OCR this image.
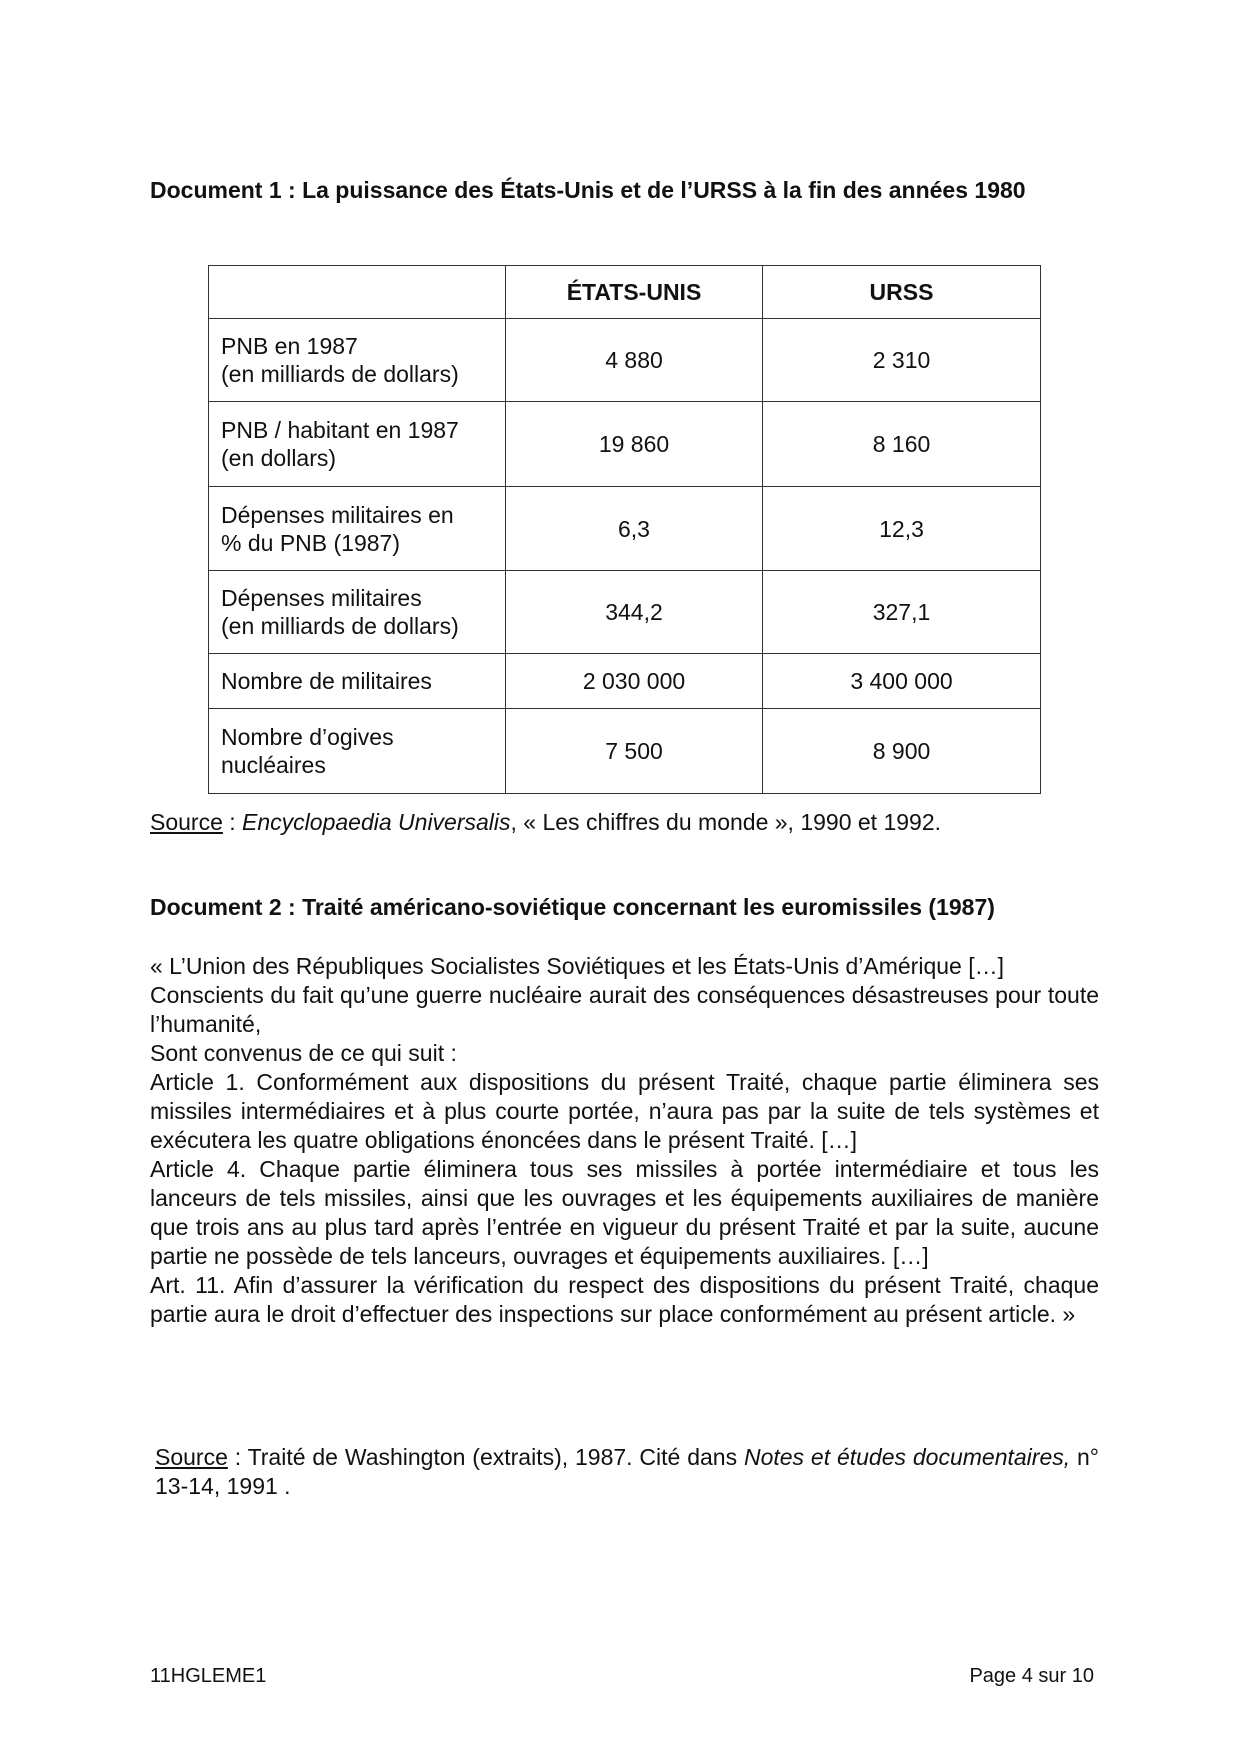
Document 1 : La puissance des États-Unis et de l’URSS à la fin des années 1980
	ÉTATS-UNIS	URSS
PNB en 1987
(en milliards de dollars)	4 880	2 310
PNB / habitant en 1987
(en dollars)	19 860	8 160
Dépenses militaires en
% du PNB (1987)	6,3	12,3
Dépenses militaires
(en milliards de dollars)	344,2	327,1
Nombre de militaires	2 030 000	3 400 000
Nombre d’ogives
nucléaires	7 500	8 900
Source : Encyclopaedia Universalis, « Les chiffres du monde », 1990 et 1992.
Document 2 : Traité américano-soviétique concernant les euromissiles (1987)

« L’Union des Républiques Socialistes Soviétiques et les États-Unis d’Amérique […]

Conscients du fait qu’une guerre nucléaire aurait des conséquences désastreuses pour toute l’humanité,

Sont convenus de ce qui suit :

Article 1. Conformément aux dispositions du présent Traité, chaque partie éliminera ses missiles intermédiaires et à plus courte portée, n’aura pas par la suite de tels systèmes et exécutera les quatre obligations énoncées dans le présent Traité. […]

Article 4. Chaque partie éliminera tous ses missiles à portée intermédiaire et tous les lanceurs de tels missiles, ainsi que les ouvrages et les équipements auxiliaires de manière que trois ans au plus tard après l’entrée en vigueur du présent Traité et par la suite, aucune partie ne possède de tels lanceurs, ouvrages et équipements auxiliaires. […]

Art. 11. Afin d’assurer la vérification du respect des dispositions du présent Traité, chaque partie aura le droit d’effectuer des inspections sur place conformément au présent article. »

Source : Traité de Washington (extraits), 1987. Cité dans Notes et études documentaires, n° 13-14, 1991 .
11HGLEME1	Page 4 sur 10
